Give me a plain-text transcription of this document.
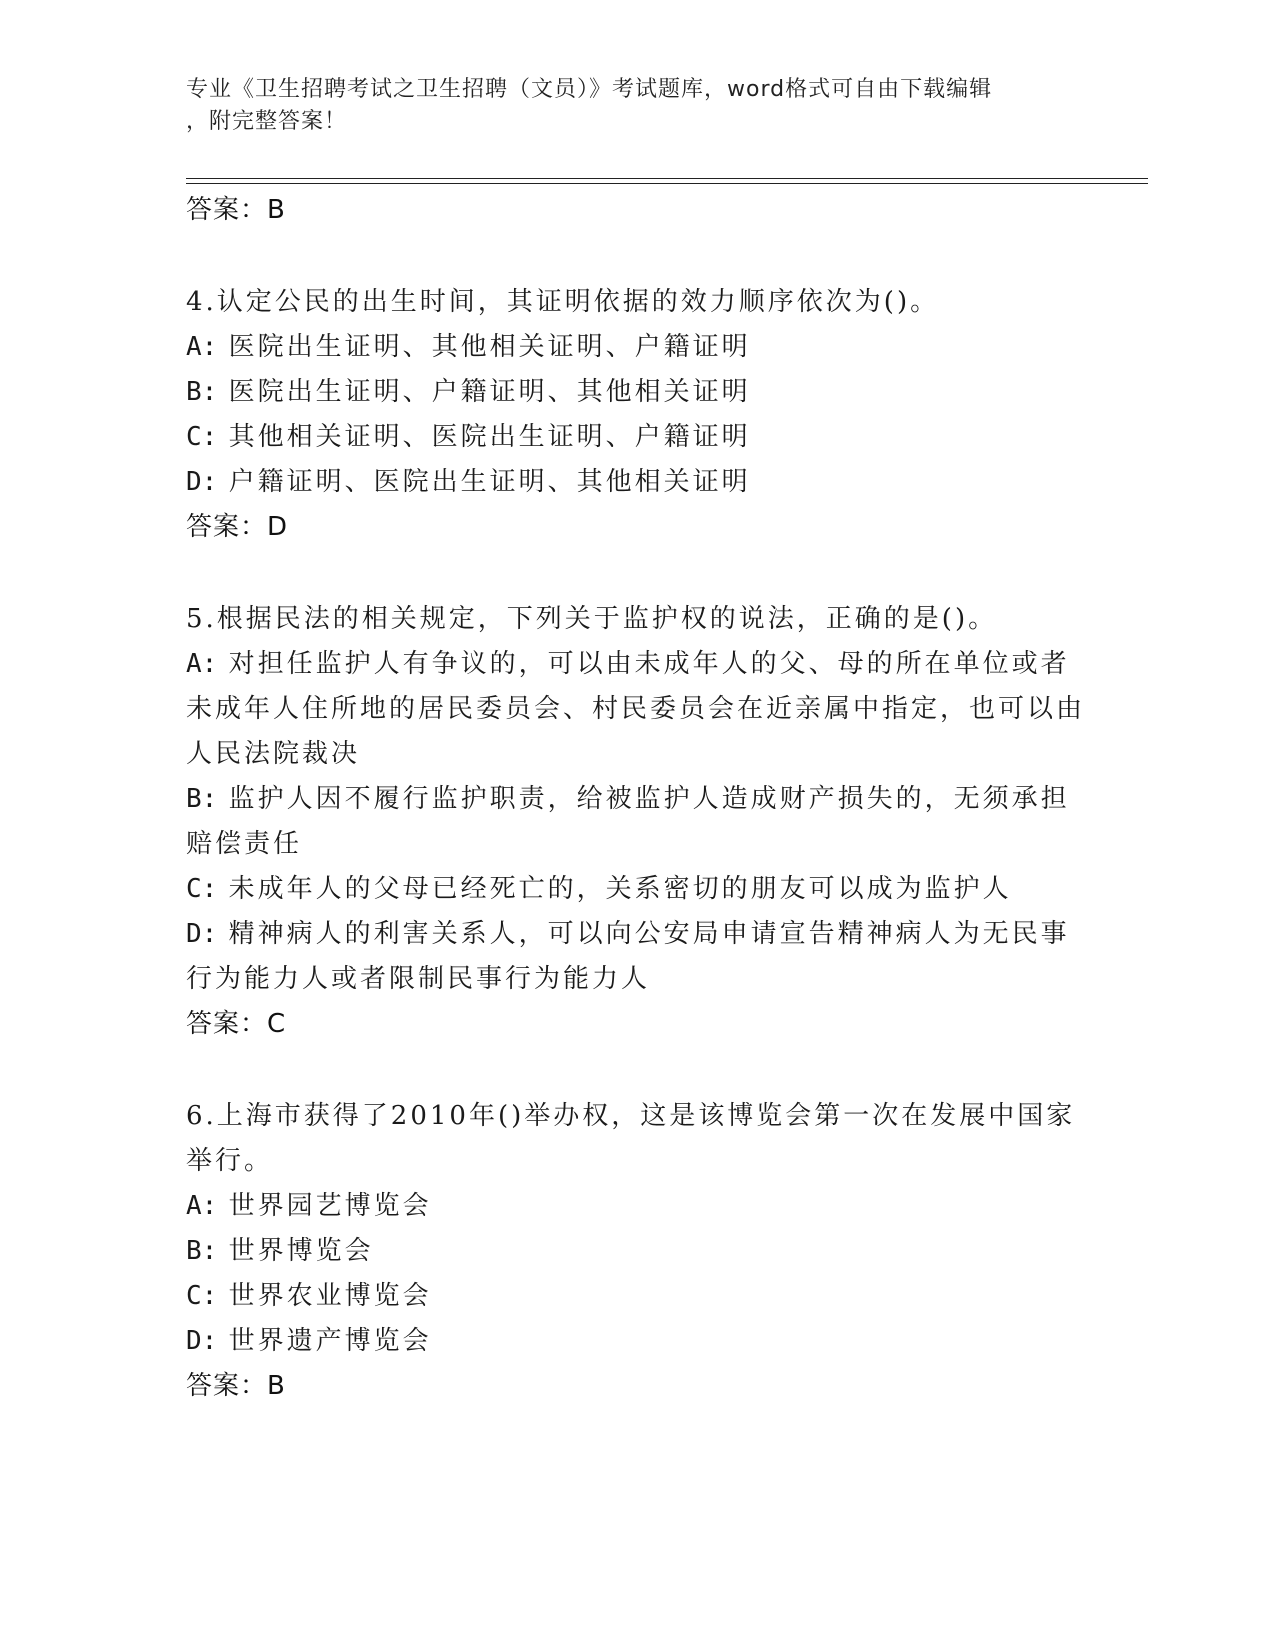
专业《卫生招聘考试之卫生招聘（文员）》考试题库，word格式可自由下载编辑
，附完整答案！
答案：B

4.认定公民的出生时间，其证明依据的效力顺序依次为()。

A: 医院出生证明、其他相关证明、户籍证明

B: 医院出生证明、户籍证明、其他相关证明

C: 其他相关证明、医院出生证明、户籍证明

D: 户籍证明、医院出生证明、其他相关证明

答案：D

5.根据民法的相关规定，下列关于监护权的说法，正确的是()。

A: 对担任监护人有争议的，可以由未成年人的父、母的所在单位或者未成年人住所地的居民委员会、村民委员会在近亲属中指定，也可以由人民法院裁决

B: 监护人因不履行监护职责，给被监护人造成财产损失的，无须承担赔偿责任

C: 未成年人的父母已经死亡的，关系密切的朋友可以成为监护人

D: 精神病人的利害关系人，可以向公安局申请宣告精神病人为无民事行为能力人或者限制民事行为能力人

答案：C

6.上海市获得了2010年()举办权，这是该博览会第一次在发展中国家举行。

A: 世界园艺博览会

B: 世界博览会

C: 世界农业博览会

D: 世界遗产博览会

答案：B
